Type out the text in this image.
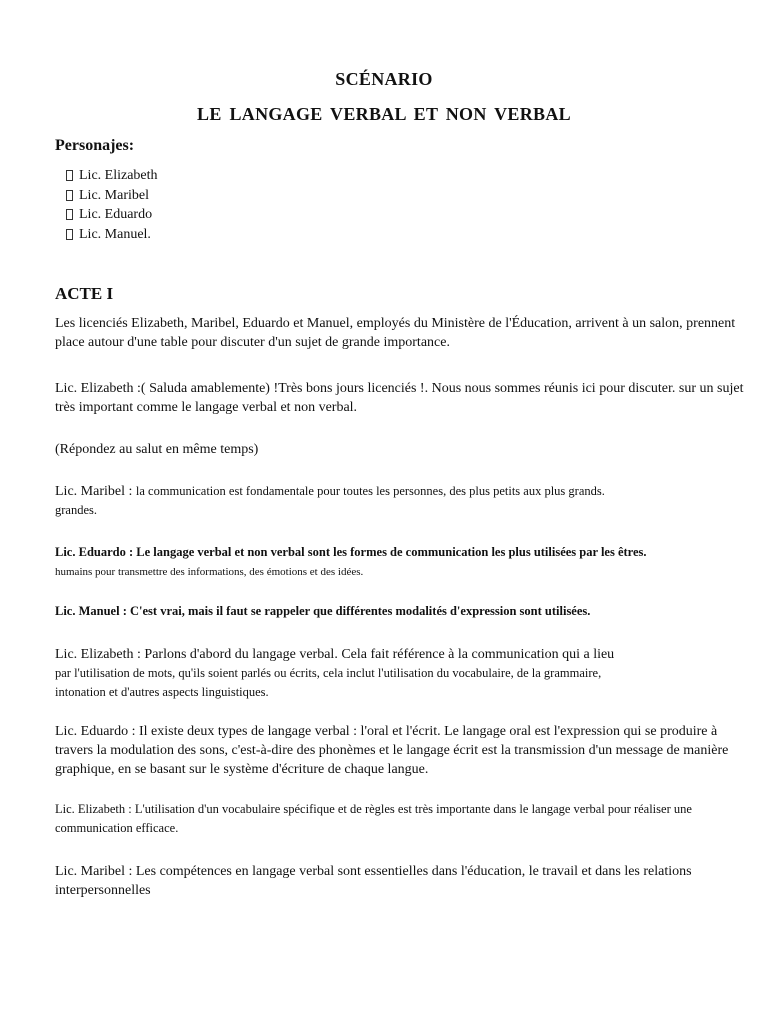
SCÉNARIO
LE LANGAGE VERBAL ET NON VERBAL
Personajes:
Lic. Elizabeth
Lic. Maribel
Lic. Eduardo
Lic. Manuel.
ACTE I

Les licenciés Elizabeth, Maribel, Eduardo et Manuel, employés du Ministère de l'Éducation, arrivent à un salon, prennent place autour d'une table pour discuter d'un sujet de grande importance.

Lic. Elizabeth :( Saluda amablemente) !Très bons jours licenciés !. Nous nous sommes réunis ici pour discuter. sur un sujet très important comme le langage verbal et non verbal.

(Répondez au salut en même temps)

Lic. Maribel : la communication est fondamentale pour toutes les personnes, des plus petits aux plus grands.
grandes.

Lic. Eduardo : Le langage verbal et non verbal sont les formes de communication les plus utilisées par les êtres.
humains pour transmettre des informations, des émotions et des idées.

Lic. Manuel : C'est vrai, mais il faut se rappeler que différentes modalités d'expression sont utilisées.

Lic. Elizabeth : Parlons d'abord du langage verbal. Cela fait référence à la communication qui a lieu
par l'utilisation de mots, qu'ils soient parlés ou écrits, cela inclut l'utilisation du vocabulaire, de la grammaire,
intonation et d'autres aspects linguistiques.

Lic. Eduardo : Il existe deux types de langage verbal : l'oral et l'écrit. Le langage oral est l'expression qui se produire à travers la modulation des sons, c'est-à-dire des phonèmes et le langage écrit est la transmission d'un message de manière graphique, en se basant sur le système d'écriture de chaque langue.

Lic. Elizabeth : L'utilisation d'un vocabulaire spécifique et de règles est très importante dans le langage verbal pour réaliser une communication efficace.

Lic. Maribel : Les compétences en langage verbal sont essentielles dans l'éducation, le travail et dans les relations interpersonnelles
